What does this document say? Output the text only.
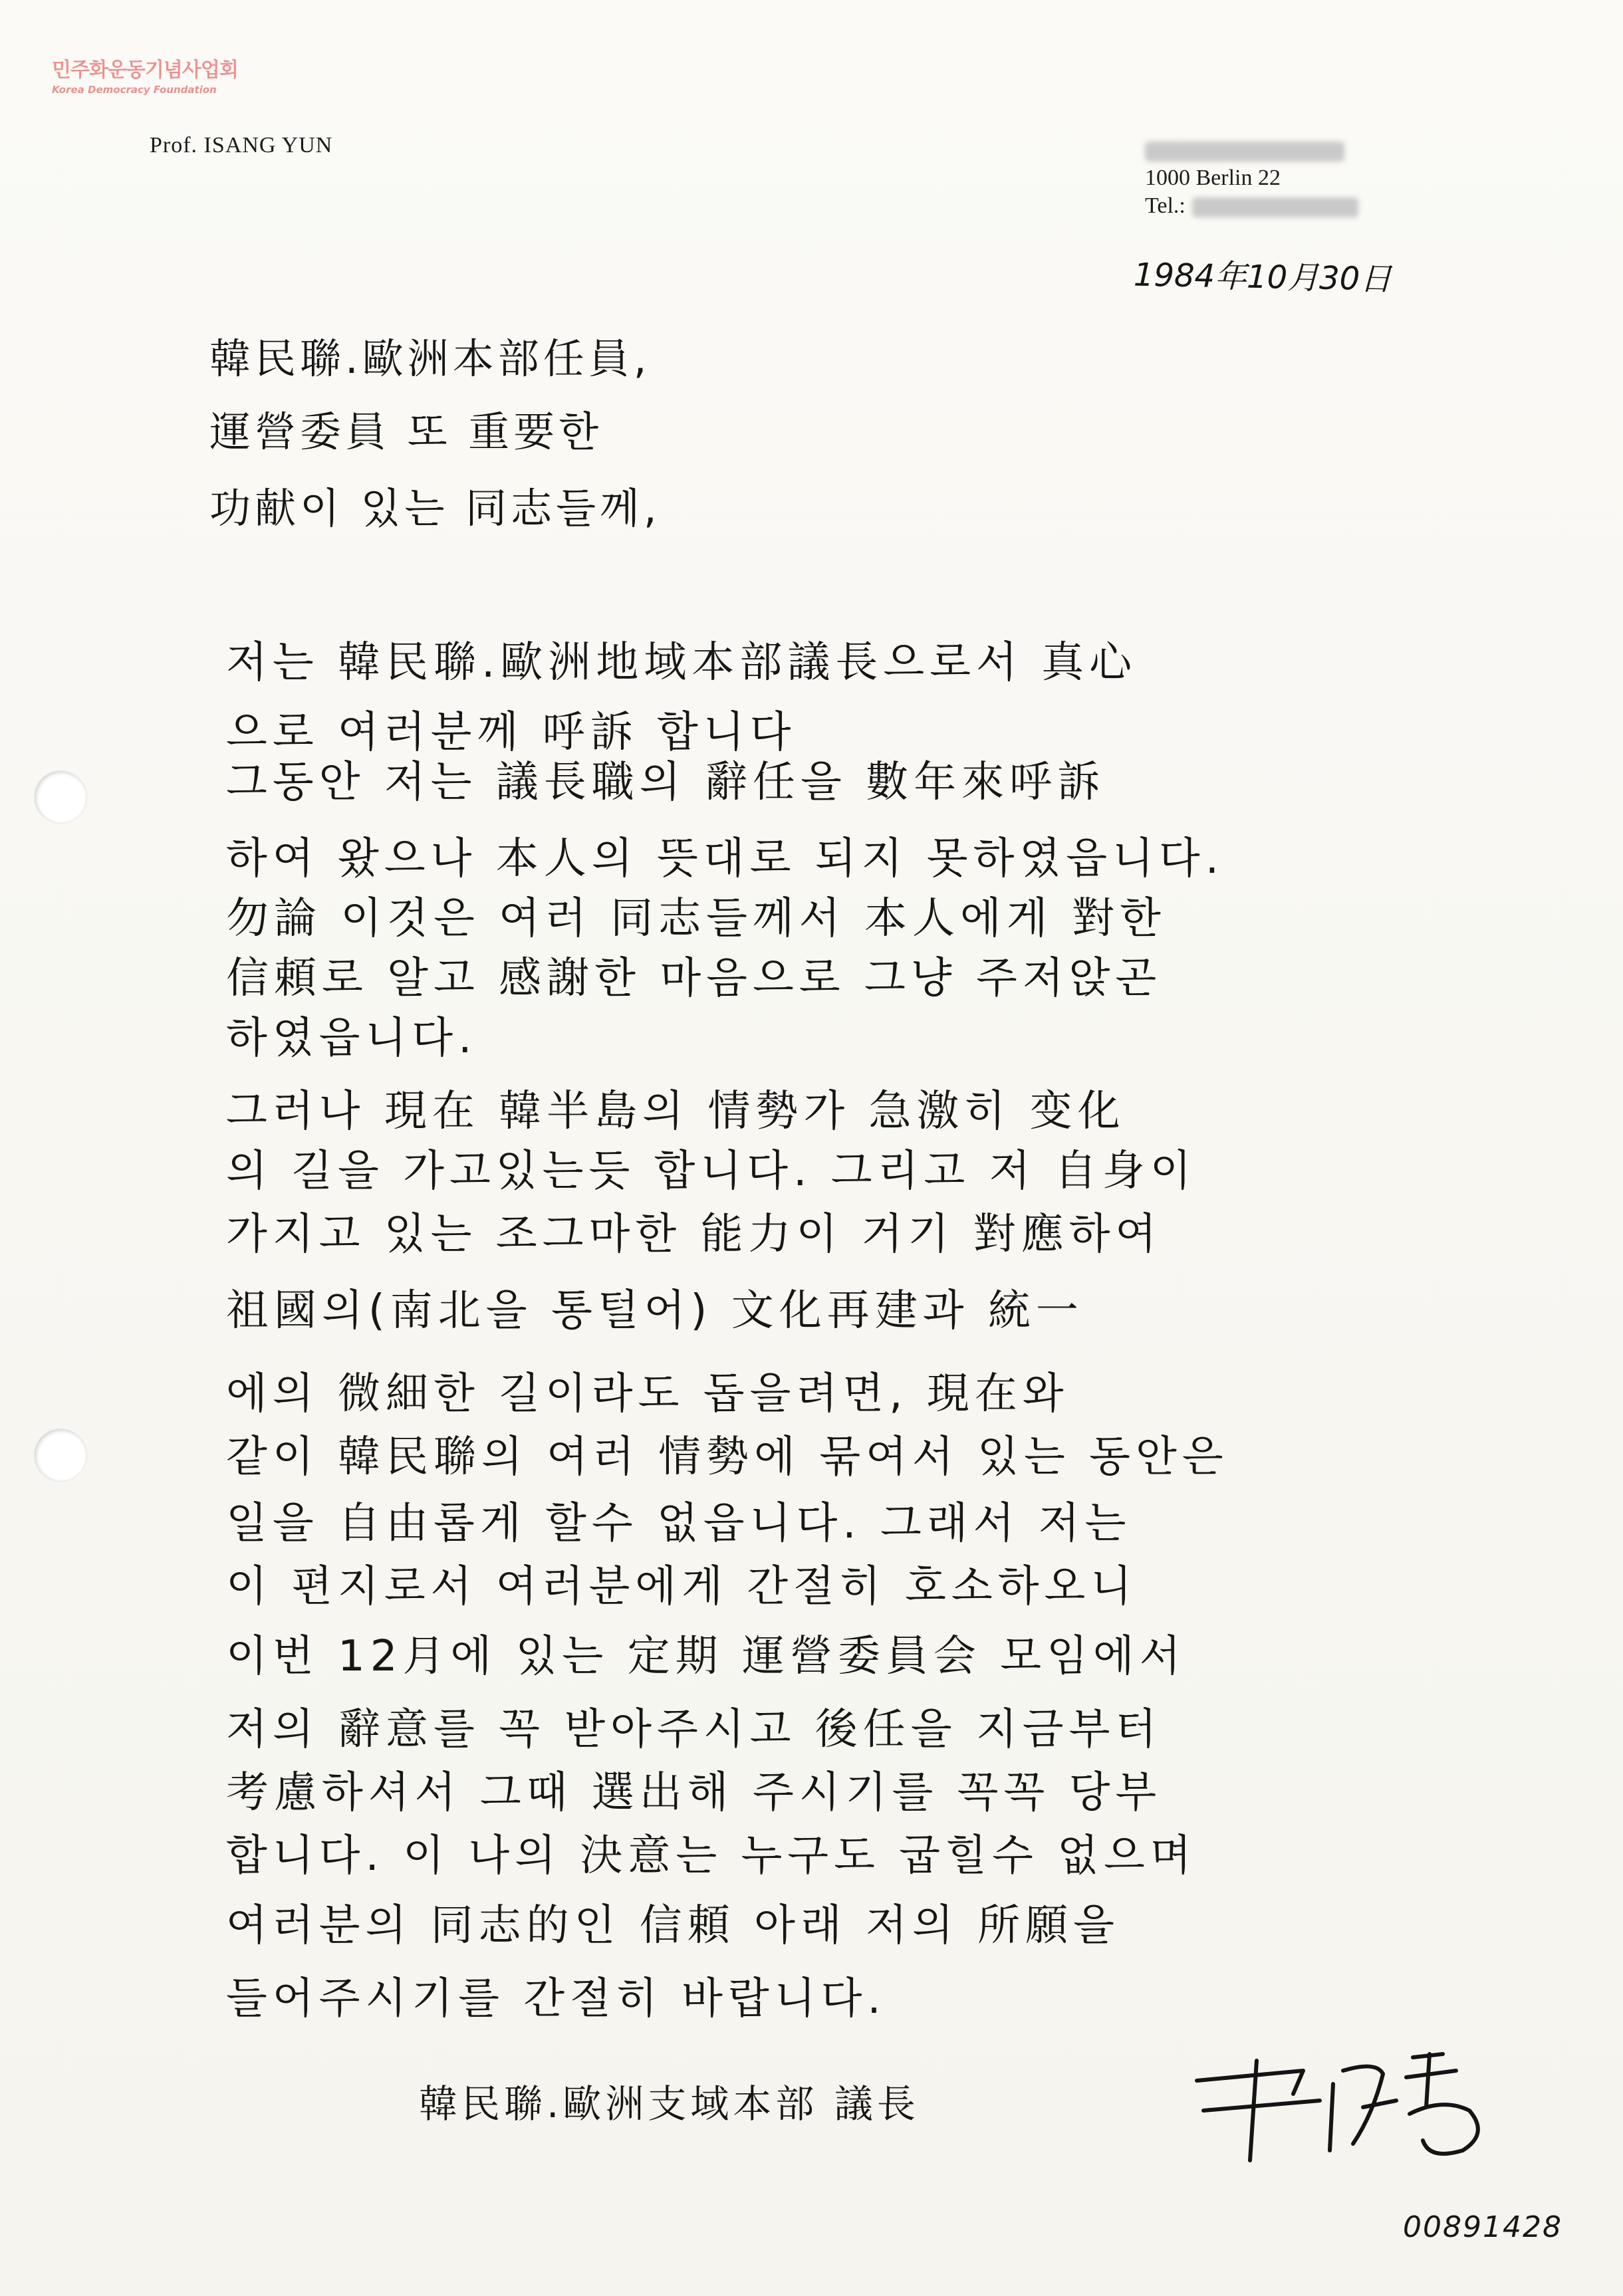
민주화운동기념사업회
Korea Democracy Foundation
Prof. ISANG YUN
1000 Berlin 22
Tel.:
1984年10月30日
韓民聯.歐洲本部任員,
運營委員 또 重要한
功献이 있는 同志들께,
저는 韓民聯.歐洲地域本部議長으로서 真心
으로 여러분께 呼訴 합니다
그동안 저는 議長職의 辭任을 數年來呼訴
하여 왔으나 本人의 뜻대로 되지 못하였읍니다.
勿論 이것은 여러 同志들께서 本人에게 對한
信頼로 알고 感謝한 마음으로 그냥 주저앉곤
하였읍니다.
그러나 現在 韓半島의 情勢가 急激히 变化
의 길을 가고있는듯 합니다. 그리고 저 自身이
가지고 있는 조그마한 能力이 거기 對應하여
祖國의(南北을 통털어) 文化再建과 統一
에의 微細한 길이라도 돕을려면, 現在와
같이 韓民聯의 여러 情勢에 묶여서 있는 동안은
일을 自由롭게 할수 없읍니다. 그래서 저는
이 편지로서 여러분에게 간절히 호소하오니
이번 12月에 있는 定期 運營委員会 모임에서
저의 辭意를 꼭 받아주시고 後任을 지금부터
考慮하셔서 그때 選出해 주시기를 꼭꼭 당부
합니다. 이 나의 決意는 누구도 굽힐수 없으며
여러분의 同志的인 信頼 아래 저의 所願을
들어주시기를 간절히 바랍니다.
韓民聯.歐洲支域本部 議長
00891428
